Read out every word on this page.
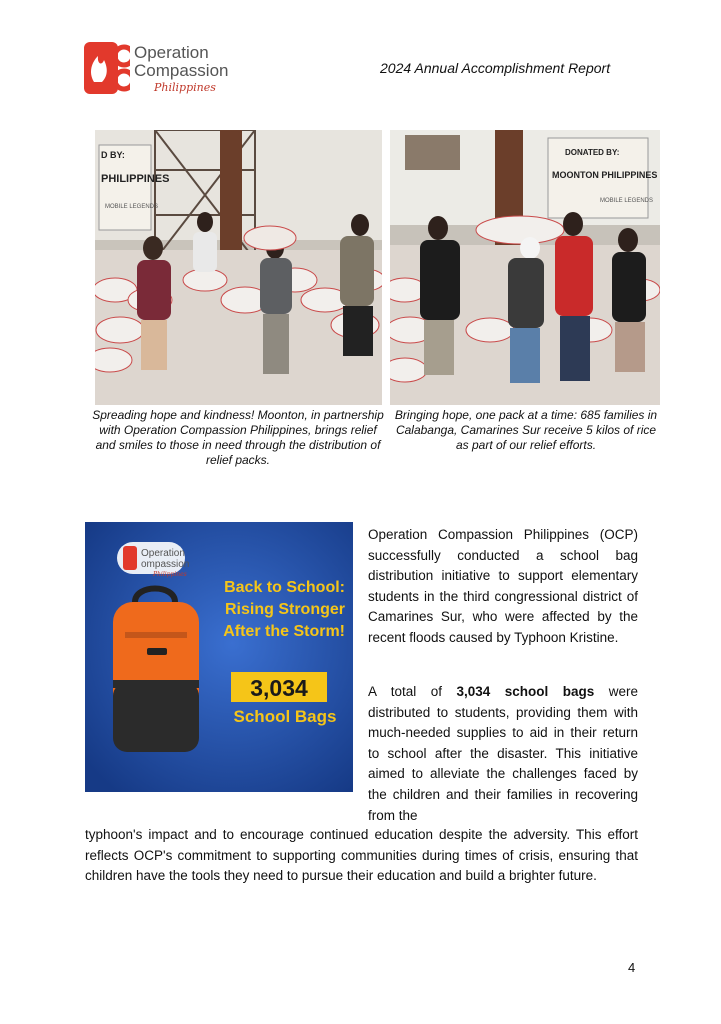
Operation
Compassion
Philippines
2024 Annual Accomplishment Report
D BY:
PHILIPPINES
MOBILE LEGENDS
DONATED BY:
MOONTON PHILIPPINES
MOBILE LEGENDS
Spreading hope and kindness! Moonton, in partnership with Operation Compassion Philippines, brings relief and smiles to those in need through the distribution of relief packs.
Bringing hope, one pack at a time: 685 families in Calabanga, Camarines Sur receive 5 kilos of rice as part of our relief efforts.
Operation
ompassion
Philippines
Back to School:
Rising Stronger
After the Storm!
3,034
School Bags
Operation Compassion Philippines (OCP) successfully conducted a school bag distribution initiative to support elementary students in the third congressional district of Camarines Sur, who were affected by the recent floods caused by Typhoon Kristine.
A total of 3,034 school bags were distributed to students, providing them with much-needed supplies to aid in their return to school after the disaster. This initiative aimed to alleviate the challenges faced by the children and their families in recovering from the
typhoon's impact and to encourage continued education despite the adversity. This effort reflects OCP's commitment to supporting communities during times of crisis, ensuring that children have the tools they need to pursue their education and build a brighter future.
4
